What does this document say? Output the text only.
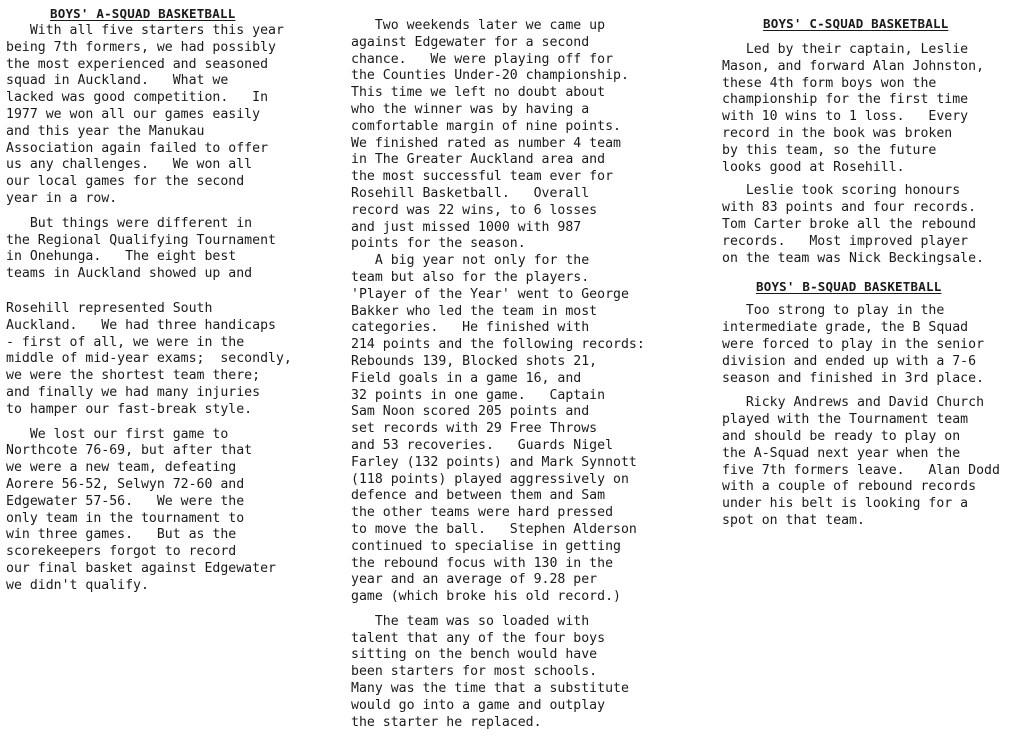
BOYS' A-SQUAD BASKETBALL

With all five starters this year
being 7th formers, we had possibly
the most experienced and seasoned
squad in Auckland.   What we
lacked was good competition.   In
1977 we won all our games easily
and this year the Manukau
Association again failed to offer
us any challenges.   We won all
our local games for the second
year in a row.

But things were different in
the Regional Qualifying Tournament
in Onehunga.   The eight best
teams in Auckland showed up and

Rosehill represented South
Auckland.   We had three handicaps
- first of all, we were in the
middle of mid-year exams;  secondly,
we were the shortest team there;
and finally we had many injuries
to hamper our fast-break style.

We lost our first game to
Northcote 76-69, but after that
we were a new team, defeating
Aorere 56-52, Selwyn 72-60 and
Edgewater 57-56.   We were the
only team in the tournament to
win three games.   But as the
scorekeepers forgot to record
our final basket against Edgewater
we didn't qualify.

Two weekends later we came up
against Edgewater for a second
chance.   We were playing off for
the Counties Under-20 championship.
This time we left no doubt about
who the winner was by having a
comfortable margin of nine points.
We finished rated as number 4 team
in The Greater Auckland area and
the most successful team ever for
Rosehill Basketball.   Overall
record was 22 wins, to 6 losses
and just missed 1000 with 987
points for the season.

A big year not only for the
team but also for the players.
'Player of the Year' went to George
Bakker who led the team in most
categories.   He finished with
214 points and the following records:
Rebounds 139, Blocked shots 21,
Field goals in a game 16, and
32 points in one game.   Captain
Sam Noon scored 205 points and
set records with 29 Free Throws
and 53 recoveries.   Guards Nigel
Farley (132 points) and Mark Synnott
(118 points) played aggressively on
defence and between them and Sam
the other teams were hard pressed
to move the ball.   Stephen Alderson
continued to specialise in getting
the rebound focus with 130 in the
year and an average of 9.28 per
game (which broke his old record.)

The team was so loaded with
talent that any of the four boys
sitting on the bench would have
been starters for most schools.
Many was the time that a substitute
would go into a game and outplay
the starter he replaced.

BOYS' C-SQUAD BASKETBALL

Led by their captain, Leslie
Mason, and forward Alan Johnston,
these 4th form boys won the
championship for the first time
with 10 wins to 1 loss.   Every
record in the book was broken
by this team, so the future
looks good at Rosehill.

Leslie took scoring honours
with 83 points and four records.
Tom Carter broke all the rebound
records.   Most improved player
on the team was Nick Beckingsale.

BOYS' B-SQUAD BASKETBALL

Too strong to play in the
intermediate grade, the B Squad
were forced to play in the senior
division and ended up with a 7-6
season and finished in 3rd place.

Ricky Andrews and David Church
played with the Tournament team
and should be ready to play on
the A-Squad next year when the
five 7th formers leave.   Alan Dodd
with a couple of rebound records
under his belt is looking for a
spot on that team.
